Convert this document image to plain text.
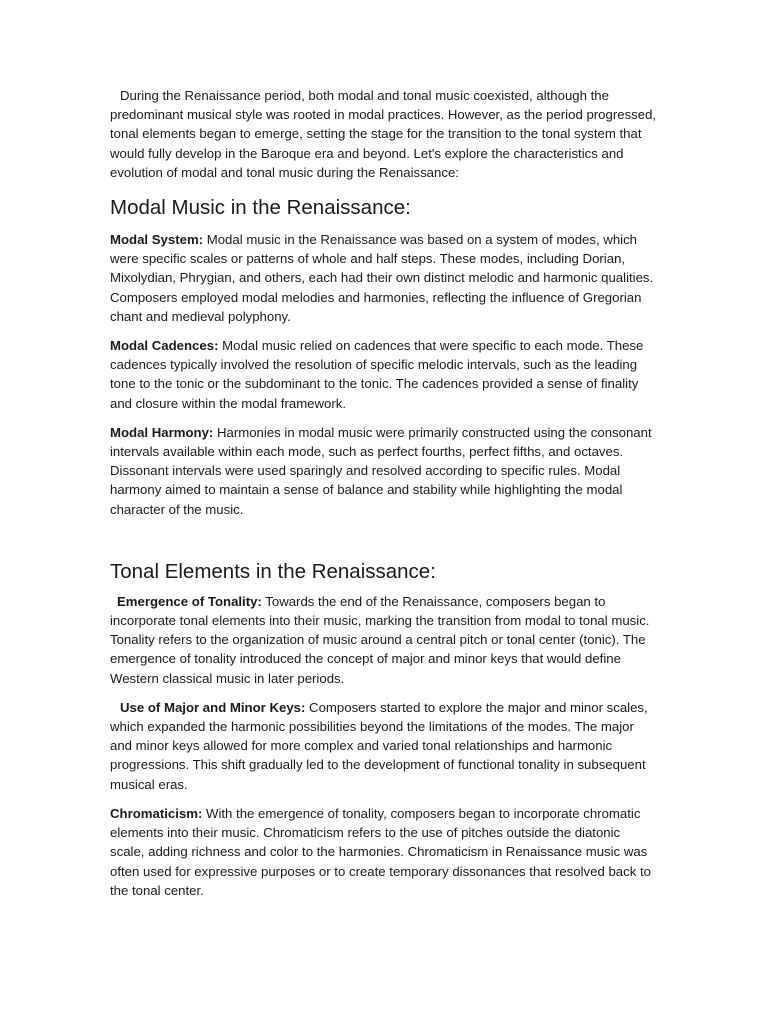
During the Renaissance period, both modal and tonal music coexisted, although the predominant musical style was rooted in modal practices. However, as the period progressed, tonal elements began to emerge, setting the stage for the transition to the tonal system that would fully develop in the Baroque era and beyond. Let's explore the characteristics and evolution of modal and tonal music during the Renaissance:

Modal Music in the Renaissance:

Modal System: Modal music in the Renaissance was based on a system of modes, which were specific scales or patterns of whole and half steps. These modes, including Dorian, Mixolydian, Phrygian, and others, each had their own distinct melodic and harmonic qualities. Composers employed modal melodies and harmonies, reflecting the influence of Gregorian chant and medieval polyphony.

Modal Cadences: Modal music relied on cadences that were specific to each mode. These cadences typically involved the resolution of specific melodic intervals, such as the leading tone to the tonic or the subdominant to the tonic. The cadences provided a sense of finality and closure within the modal framework.

Modal Harmony: Harmonies in modal music were primarily constructed using the consonant intervals available within each mode, such as perfect fourths, perfect fifths, and octaves. Dissonant intervals were used sparingly and resolved according to specific rules. Modal harmony aimed to maintain a sense of balance and stability while highlighting the modal character of the music.

Tonal Elements in the Renaissance:

Emergence of Tonality: Towards the end of the Renaissance, composers began to incorporate tonal elements into their music, marking the transition from modal to tonal music. Tonality refers to the organization of music around a central pitch or tonal center (tonic). The emergence of tonality introduced the concept of major and minor keys that would define Western classical music in later periods.

Use of Major and Minor Keys: Composers started to explore the major and minor scales, which expanded the harmonic possibilities beyond the limitations of the modes. The major and minor keys allowed for more complex and varied tonal relationships and harmonic progressions. This shift gradually led to the development of functional tonality in subsequent musical eras.

Chromaticism: With the emergence of tonality, composers began to incorporate chromatic elements into their music. Chromaticism refers to the use of pitches outside the diatonic scale, adding richness and color to the harmonies. Chromaticism in Renaissance music was often used for expressive purposes or to create temporary dissonances that resolved back to the tonal center.
